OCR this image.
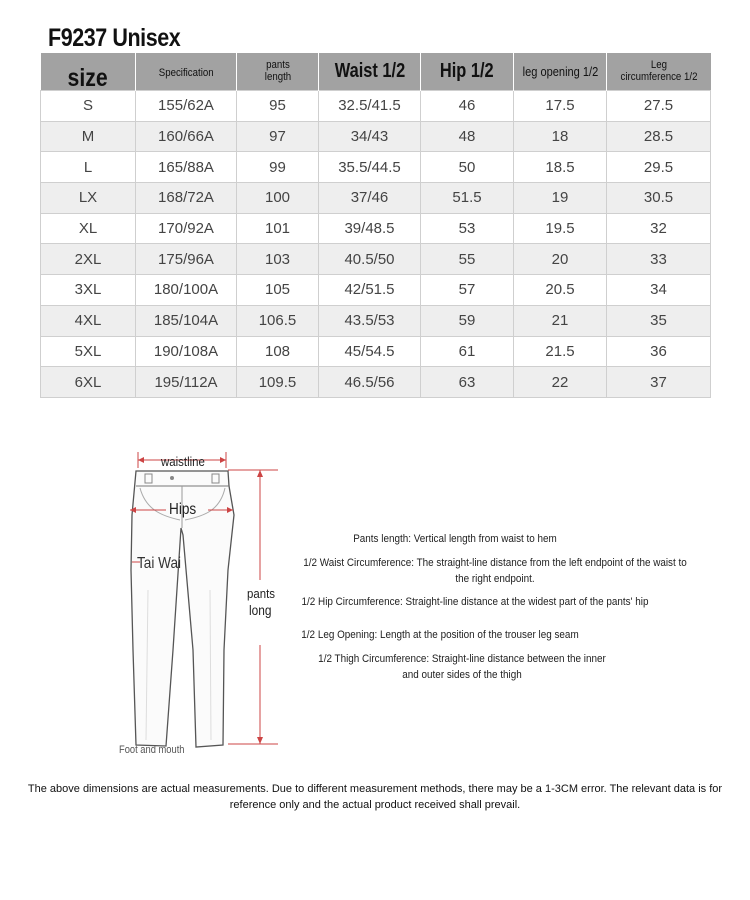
F9237 Unisex
size	Specification	pants length	Waist 1/2	Hip 1/2	leg opening 1/2	Leg circumference 1/2
S	155/62A	95	32.5/41.5	46	17.5	27.5
M	160/66A	97	34/43	48	18	28.5
L	165/88A	99	35.5/44.5	50	18.5	29.5
LX	168/72A	100	37/46	51.5	19	30.5
XL	170/92A	101	39/48.5	53	19.5	32
2XL	175/96A	103	40.5/50	55	20	33
3XL	180/100A	105	42/51.5	57	20.5	34
4XL	185/104A	106.5	43.5/53	59	21	35
5XL	190/108A	108	45/54.5	61	21.5	36
6XL	195/112A	109.5	46.5/56	63	22	37
waistline
Hips
Tai Wai
pants
long
Foot and mouth
Pants length: Vertical length from waist to hem
1/2 Waist Circumference: The straight-line distance from the left endpoint of the waist to the right endpoint.
1/2 Hip Circumference: Straight-line distance at the widest part of the pants' hip
1/2 Leg Opening: Length at the position of the trouser leg seam
1/2 Thigh Circumference: Straight-line distance between the inner and outer sides of the thigh
The above dimensions are actual measurements. Due to different measurement methods, there may be a 1-3CM error. The relevant data is for reference only and the actual product received shall prevail.
